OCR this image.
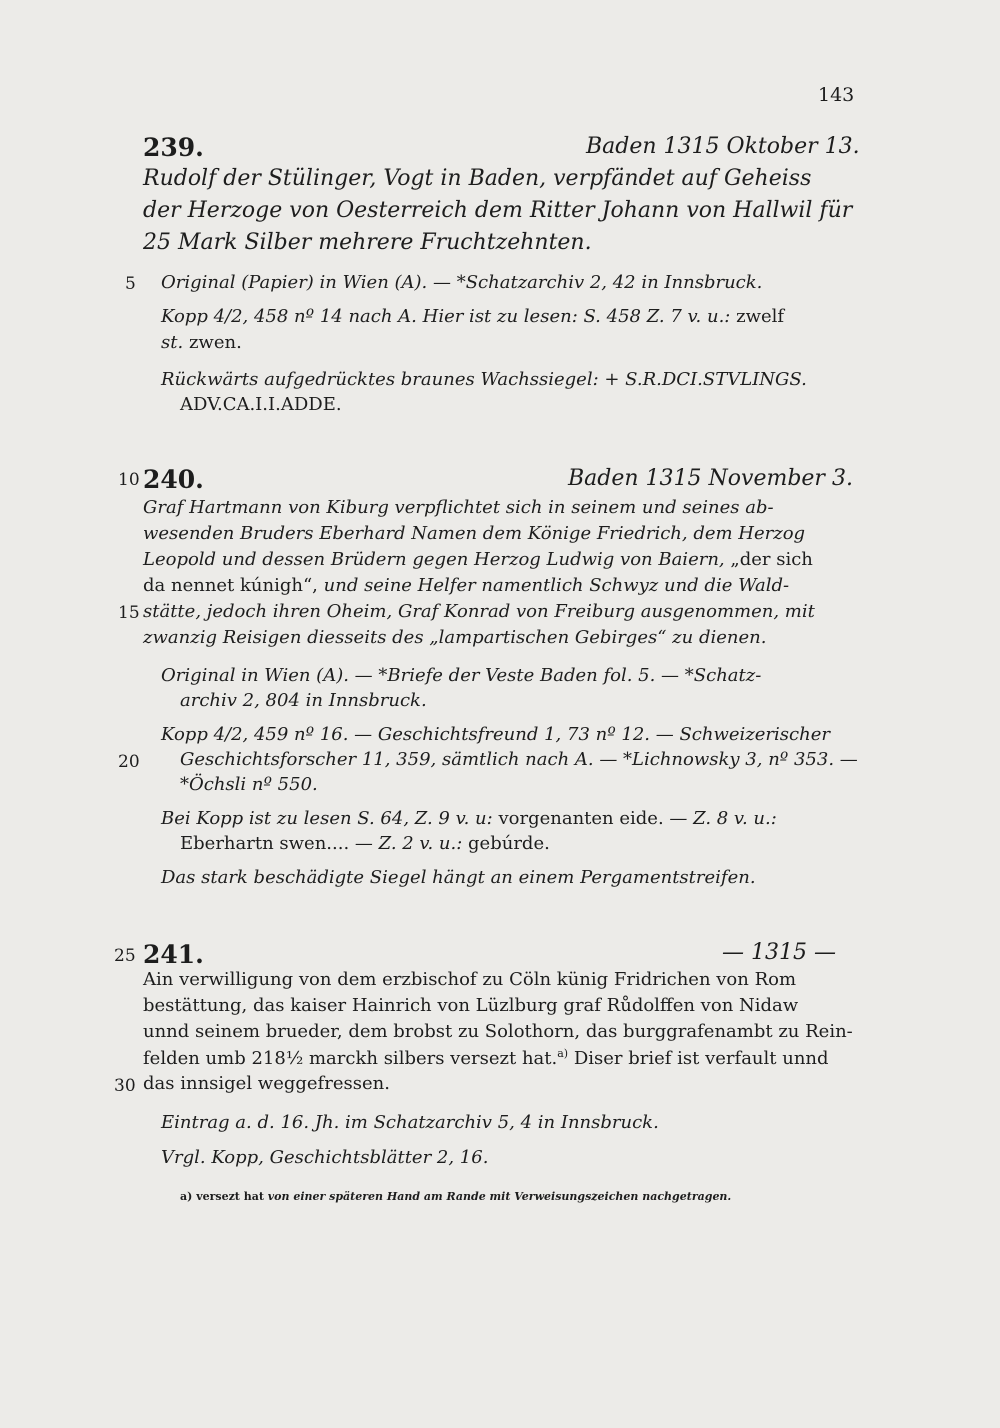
143
239.	Baden 1315 Oktober 13.
Rudolf der Stülinger, Vogt in Baden, verpfändet auf Geheiss
der Herzoge von Oesterreich dem Ritter Johann von Hallwil für
25 Mark Silber mehrere Fruchtzehnten.
5 Original (Papier) in Wien (A). — *Schatzarchiv 2, 42 in Innsbruck.
Kopp 4/2, 458 nº 14 nach A. Hier ist zu lesen: S. 458 Z. 7 v. u.: zwelf
st. zwen.
Rückwärts aufgedrücktes braunes Wachssiegel: + S.R.DCI.STVLINGS.
ADV.CA.I.I.ADDE.
10 240.	Baden 1315 November 3.
Graf Hartmann von Kiburg verpflichtet sich in seinem und seines ab-
wesenden Bruders Eberhard Namen dem Könige Friedrich, dem Herzog
Leopold und dessen Brüdern gegen Herzog Ludwig von Baiern, „der sich
da nennet kúnigh“, und seine Helfer namentlich Schwyz und die Wald-
15 stätte, jedoch ihren Oheim, Graf Konrad von Freiburg ausgenommen, mit
zwanzig Reisigen diesseits des „lampartischen Gebirges“ zu dienen.
Original in Wien (A). — *Briefe der Veste Baden fol. 5. — *Schatz-
archiv 2, 804 in Innsbruck.
Kopp 4/2, 459 nº 16. — Geschichtsfreund 1, 73 nº 12. — Schweizerischer
20 Geschichtsforscher 11, 359, sämtlich nach A. — *Lichnowsky 3, nº 353. —
*Öchsli nº 550.
Bei Kopp ist zu lesen S. 64, Z. 9 v. u: vorgenanten eide. — Z. 8 v. u.:
Eberhartn swen.... — Z. 2 v. u.: gebúrde.
Das stark beschädigte Siegel hängt an einem Pergamentstreifen.
25 241.	— 1315 —
Ain verwilligung von dem erzbischof zu Cöln künig Fridrichen von Rom
bestättung, das kaiser Hainrich von Lüzlburg graf Růdolffen von Nidaw
unnd seinem brueder, dem brobst zu Solothorn, das burggrafenambt zu Rein-
felden umb 218½ marckh silbers versezt hat.$^{a)}$ Diser brief ist verfault unnd
30 das innsigel weggefressen.
Eintrag a. d. 16. Jh. im Schatzarchiv 5, 4 in Innsbruck.
Vrgl. Kopp, Geschichtsblätter 2, 16.
a) versezt hat von einer späteren Hand am Rande mit Verweisungszeichen nachgetragen.
